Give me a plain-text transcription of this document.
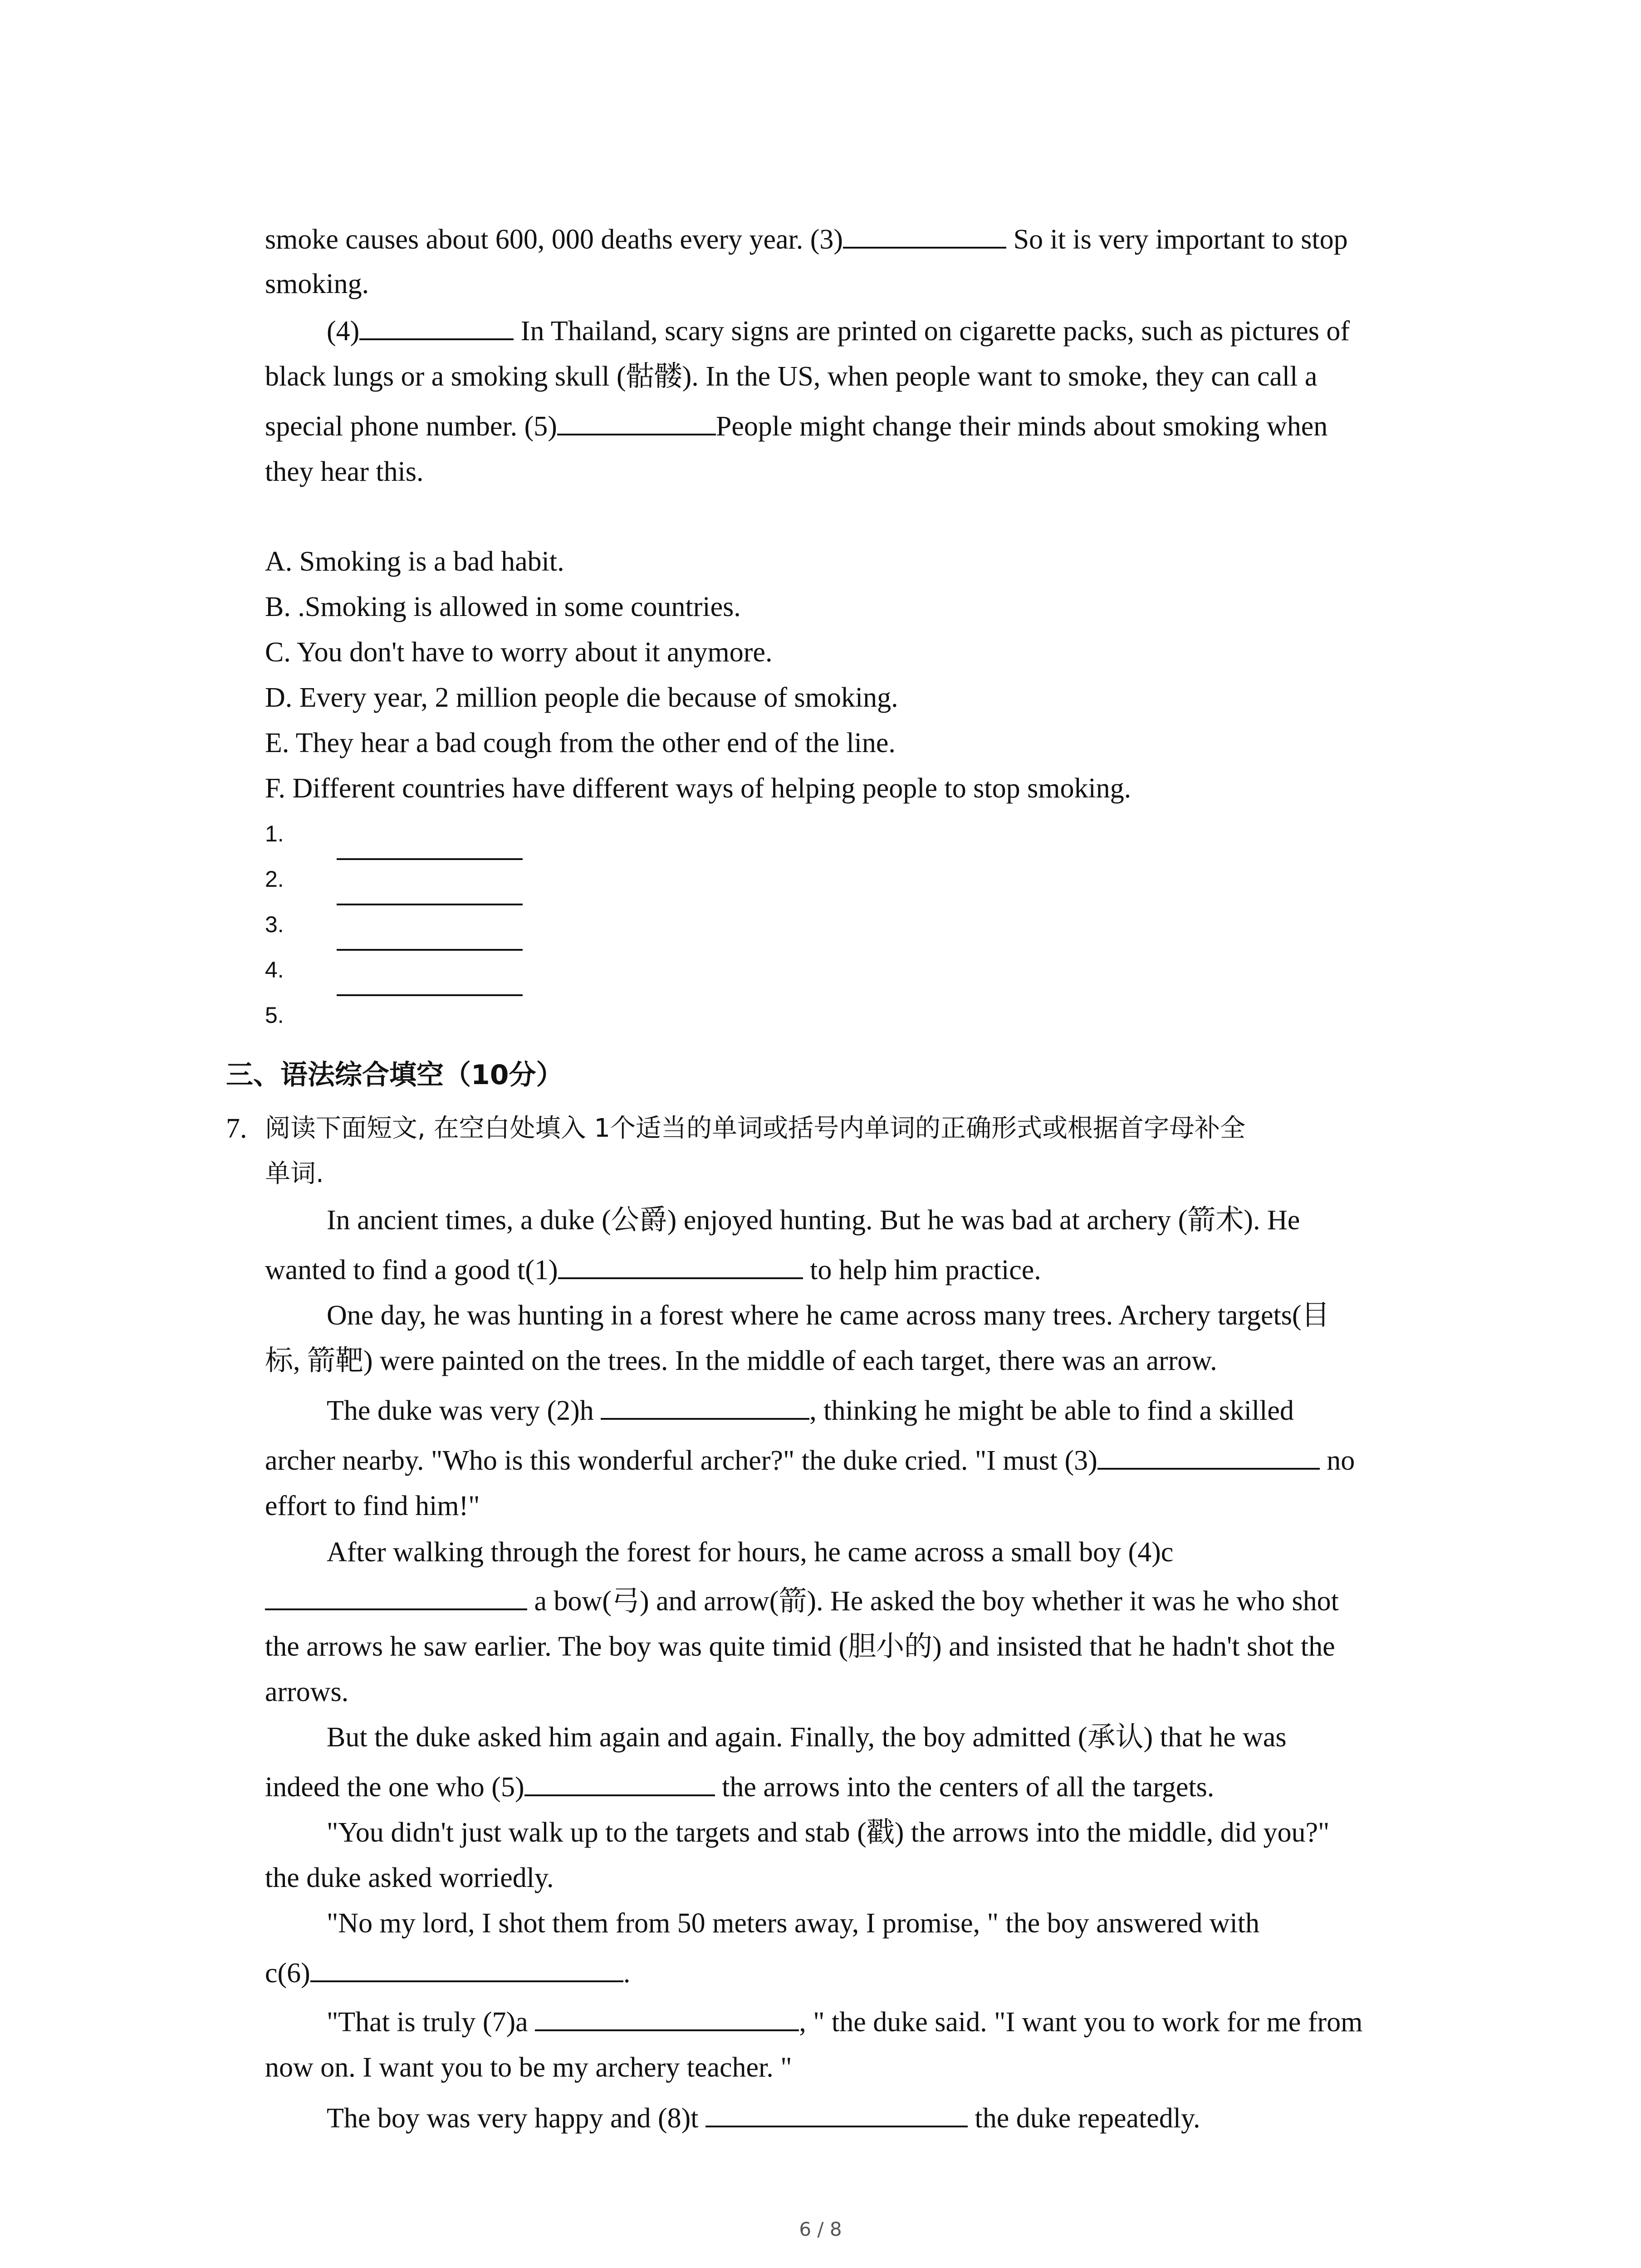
smoke causes about 600, 000 deaths every year. (3)	So it is very important to stop
smoking.
(4)	In Thailand, scary signs are printed on cigarette packs, such as pictures of
black lungs or a smoking skull (骷髅). In the US, when people want to smoke, they can call a
special phone number. (5)	People might change their minds about smoking when
they hear this.
A. Smoking is a bad habit.
B. .Smoking is allowed in some countries.
C. You don't have to worry about it anymore.
D. Every year, 2 million people die because of smoking.
E. They hear a bad cough from the other end of the line.
F. Different countries have different ways of helping people to stop smoking.
1.
2.
3.
4.
5.
三、语法综合填空（10分）
7. 阅读下面短文, 在空白处填入 1个适当的单词或括号内单词的正确形式或根据首字母补全
单词.
In ancient times, a duke (公爵) enjoyed hunting. But he was bad at archery (箭术). He
wanted to find a good t(1)	to help him practice.
One day, he was hunting in a forest where he came across many trees. Archery targets(目
标, 箭靶) were painted on the trees. In the middle of each target, there was an arrow.
The duke was very (2)h	, thinking he might be able to find a skilled
archer nearby. "Who is this wonderful archer?" the duke cried. "I must (3)	no
effort to find him!"
After walking through the forest for hours, he came across a small boy (4)c
a bow(弓) and arrow(箭). He asked the boy whether it was he who shot
the arrows he saw earlier. The boy was quite timid (胆小的) and insisted that he hadn't shot the
arrows.
But the duke asked him again and again. Finally, the boy admitted (承认) that he was
indeed the one who (5)	the arrows into the centers of all the targets.
"You didn't just walk up to the targets and stab (戳) the arrows into the middle, did you?"
the duke asked worriedly.
"No my lord, I shot them from 50 meters away, I promise, " the boy answered with
c(6)	.
"That is truly (7)a	, " the duke said. "I want you to work for me from
now on. I want you to be my archery teacher. "
The boy was very happy and (8)t	the duke repeatedly.
6 / 8
